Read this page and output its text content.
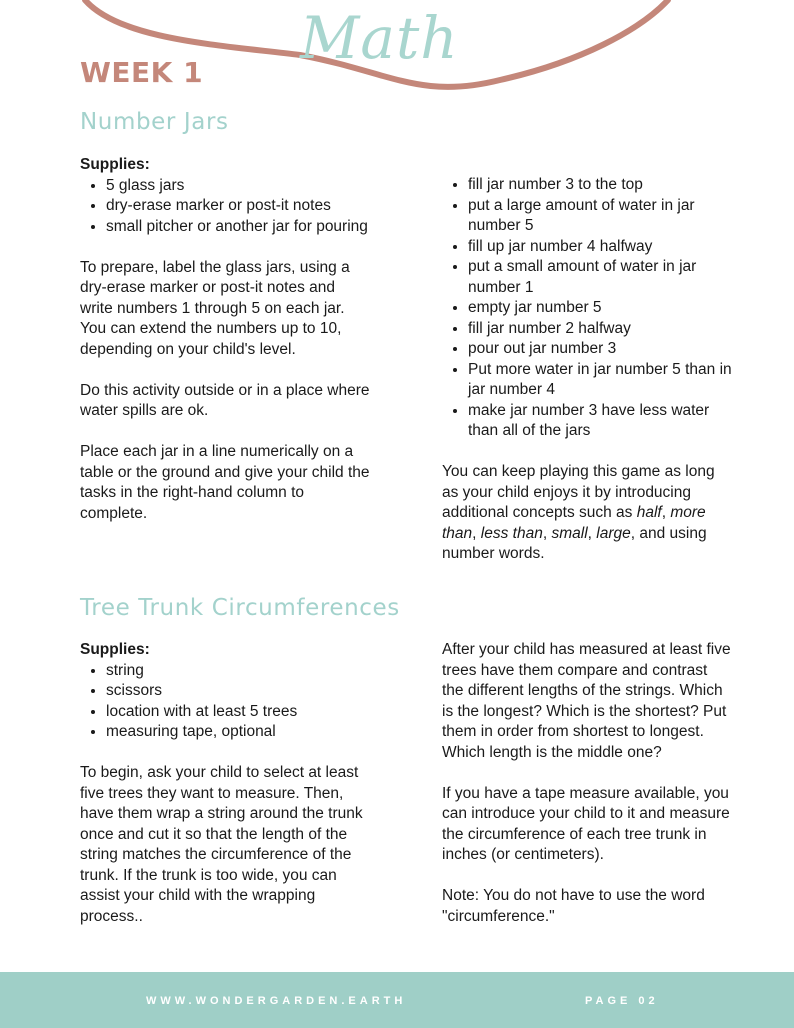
Math
WEEK 1
Number Jars

Supplies:

• 5 glass jars
• dry-erase marker or post-it notes
• small pitcher or another jar for pouring

To prepare, label the glass jars, using a dry-erase marker or post-it notes and write numbers 1 through 5 on each jar. You can extend the numbers up to 10, depending on your child's level.

Do this activity outside or in a place where water spills are ok.

Place each jar in a line numerically on a table or the ground and give your child the tasks in the right-hand column to complete.

• fill jar number 3 to the top
• put a large amount of water in jar number 5
• fill up jar number 4 halfway
• put a small amount of water in jar number 1
• empty jar number 5
• fill jar number 2 halfway
• pour out jar number 3
• Put more water in jar number 5 than in jar number 4
• make jar number 3 have less water than all of the jars

You can keep playing this game as long as your child enjoys it by introducing additional concepts such as half, more than, less than, small, large, and using number words.

Tree Trunk Circumferences

Supplies:

• string
• scissors
• location with at least 5 trees
• measuring tape, optional

To begin, ask your child to select at least five trees they want to measure. Then, have them wrap a string around the trunk once and cut it so that the length of the string matches the circumference of the trunk. If the trunk is too wide, you can assist your child with the wrapping process..

After your child has measured at least five trees have them compare and contrast the different lengths of the strings. Which is the longest? Which is the shortest? Put them in order from shortest to longest. Which length is the middle one?

If you have a tape measure available, you can introduce your child to it and measure the circumference of each tree trunk in inches (or centimeters).

Note: You do not have to use the word "circumference."

WWW.WONDERGARDEN.EARTH	PAGE 02
